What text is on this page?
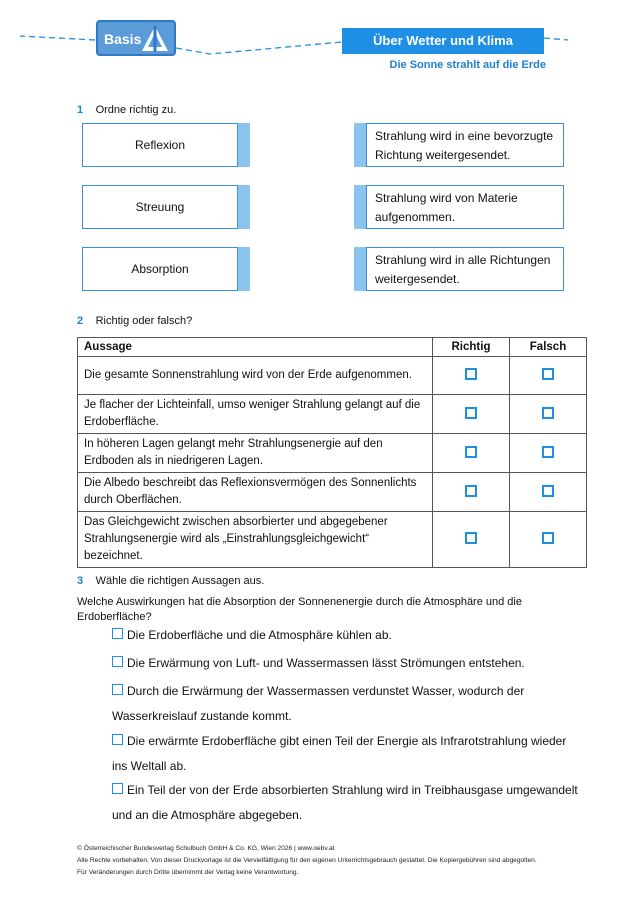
Basis	Über Wetter und Klima
Die Sonne strahlt auf die Erde
1 Ordne richtig zu.
Reflexion
Streuung
Absorption
Strahlung wird in eine bevorzugte Richtung weitergesendet.
Strahlung wird von Materie aufgenommen.
Strahlung wird in alle Richtungen weitergesendet.
2 Richtig oder falsch?
Aussage	Richtig	Falsch
Die gesamte Sonnenstrahlung wird von der Erde aufgenommen.		
Je flacher der Lichteinfall, umso weniger Strahlung gelangt auf die Erdoberfläche.		
In höheren Lagen gelangt mehr Strahlungsenergie auf den Erdboden als in niedrigeren Lagen.		
Die Albedo beschreibt das Reflexionsvermögen des Sonnenlichts durch Oberflächen.		
Das Gleichgewicht zwischen absorbierter und abgegebener Strahlungsenergie wird als „Einstrahlungsgleichgewicht“ bezeichnet.		
3 Wähle die richtigen Aussagen aus.
Welche Auswirkungen hat die Absorption der Sonnenenergie durch die Atmosphäre und die Erdoberfläche?
Die Erdoberfläche und die Atmosphäre kühlen ab.
Die Erwärmung von Luft- und Wassermassen lässt Strömungen entstehen.
Durch die Erwärmung der Wassermassen verdunstet Wasser, wodurch der Wasserkreislauf zustande kommt.
Die erwärmte Erdoberfläche gibt einen Teil der Energie als Infrarotstrahlung wieder ins Weltall ab.
Ein Teil der von der Erde absorbierten Strahlung wird in Treibhausgase umgewandelt und an die Atmosphäre abgegeben.
© Österreichischer Bundesverlag Schulbuch GmbH & Co. KG, Wien 2026 | www.oebv.at
Alle Rechte vorbehalten. Von dieser Druckvorlage ist die Vervielfältigung für den eigenen Unterrichtsgebrauch gestattet. Die Kopiergebühren sind abgegolten.
Für Veränderungen durch Dritte übernimmt der Verlag keine Verantwortung.
